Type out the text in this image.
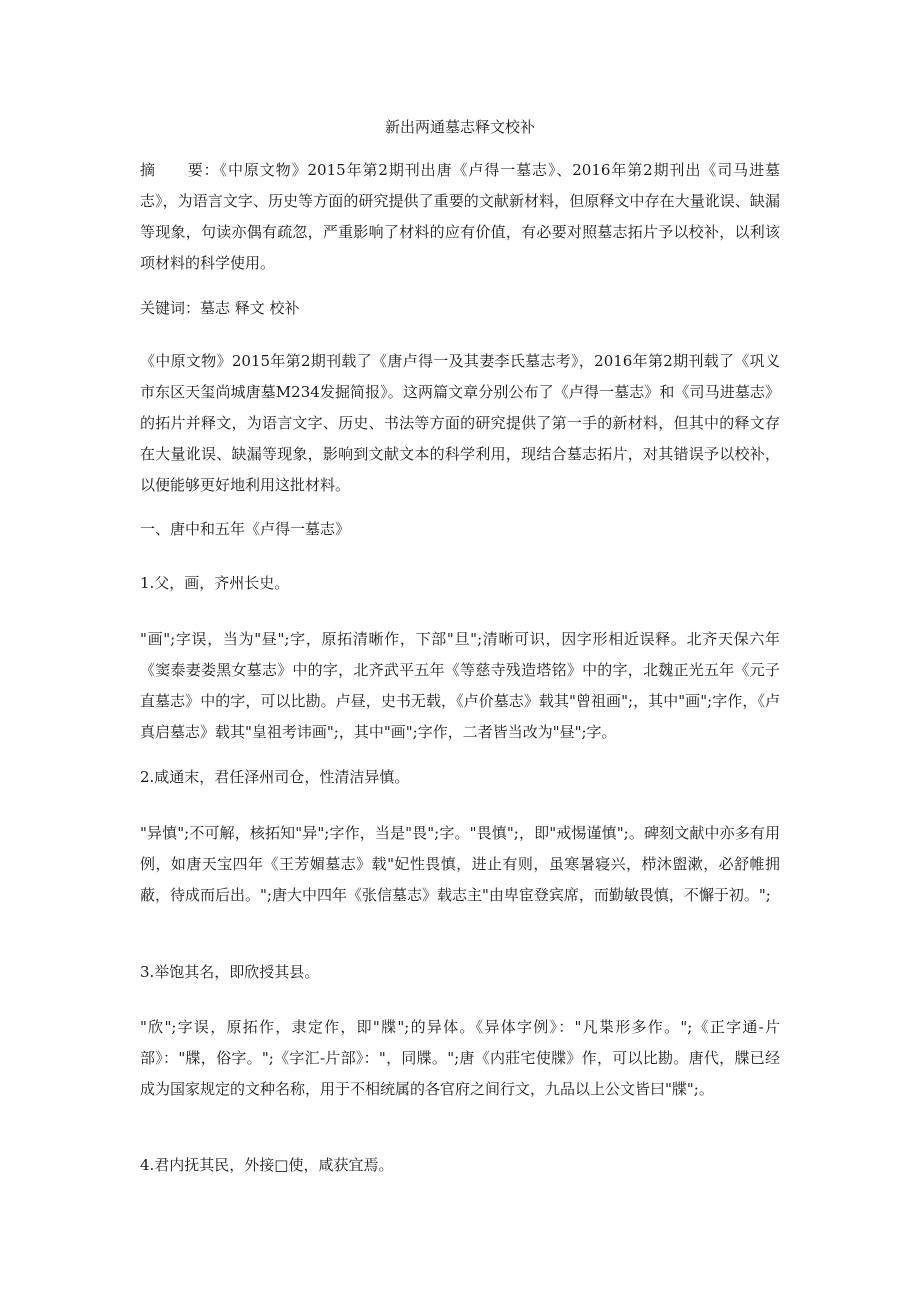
新出两通墓志释文校补

摘　　要：《中原文物》2015年第2期刊出唐《卢得一墓志》、2016年第2期刊出《司马进墓志》，为语言文字、历史等方面的研究提供了重要的文献新材料，但原释文中存在大量讹误、缺漏等现象，句读亦偶有疏忽，严重影响了材料的应有价值，有必要对照墓志拓片予以校补，以利该项材料的科学使用。

关键词：墓志 释文 校补

《中原文物》2015年第2期刊载了《唐卢得一及其妻李氏墓志考》，2016年第2期刊载了《巩义市东区天玺尚城唐墓M234发掘简报》。这两篇文章分别公布了《卢得一墓志》和《司马进墓志》的拓片并释文，为语言文字、历史、书法等方面的研究提供了第一手的新材料，但其中的释文存在大量讹误、缺漏等现象，影响到文献文本的科学利用，现结合墓志拓片，对其错误予以校补，以便能够更好地利用这批材料。

一、唐中和五年《卢得一墓志》

1.父，画，齐州长史。

"画";字误，当为"昼";字，原拓清晰作，下部"旦";清晰可识，因字形相近误释。北齐天保六年《窦泰妻娄黑女墓志》中的字，北齐武平五年《等慈寺残造塔铭》中的字，北魏正光五年《元子直墓志》中的字，可以比勘。卢昼，史书无载，《卢价墓志》载其"曾祖画";，其中"画";字作，《卢真启墓志》载其"皇祖考讳画";，其中"画";字作，二者皆当改为"昼";字。

2.咸通末，君任泽州司仓，性清洁异慎。

"异慎";不可解，核拓知"异";字作，当是"畏";字。"畏慎";，即"戒惕谨慎";。碑刻文献中亦多有用例，如唐天宝四年《王芳媚墓志》载"妃性畏慎，进止有则，虽寒暑寝兴，栉沐盥漱，必舒帷拥蔽，待成而后出。";唐大中四年《张信墓志》载志主"由卑宦登宾席，而勤敏畏慎，不懈于初。";

3.举饱其名，即欣授其县。

"欣";字误，原拓作，隶定作，即"牒";的异体。《异体字例》："凡枼形多作。";《正字通-片部》："牒，俗字。";《字汇-片部》："，同牒。";唐《内莊宅使牒》作，可以比勘。唐代，牒已经成为国家规定的文种名称，用于不相统属的各官府之间行文，九品以上公文皆曰"牒";。

4.君内抚其民，外接□使，咸获宜焉。
